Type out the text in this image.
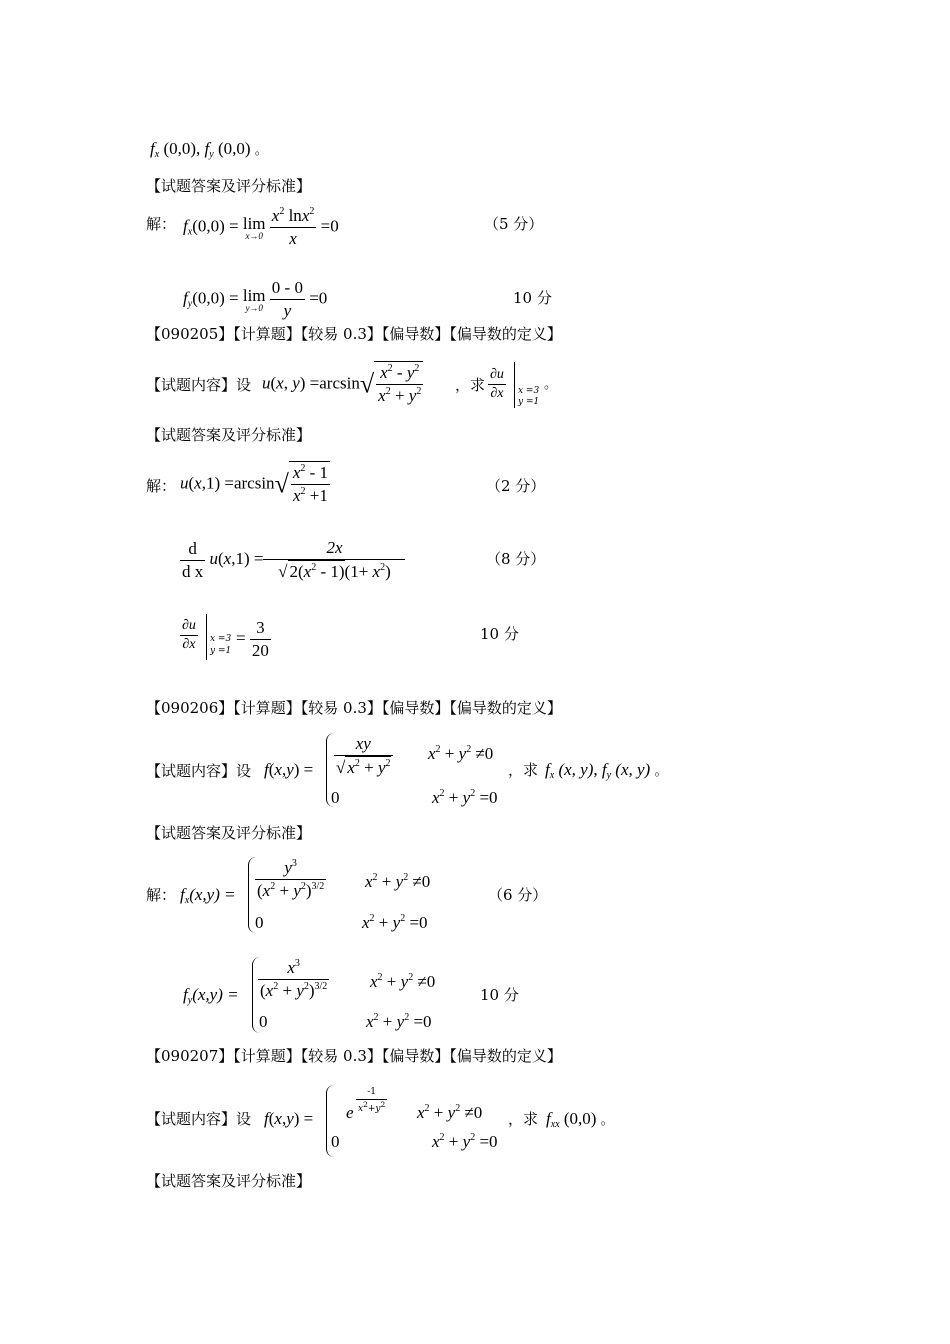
$f_x$ (0,0), $f_y$ (0,0) 。
【试题答案及评分标准】
解： $f_x(0,0) = \lim$
x→0
$\frac{x^2 \ln x^2}{x} =0$	（5 分）
$f_y(0,0) = \lim$
y→0
$\frac{0 - 0}{y} =0$	10 分
【090205】【计算题】【较易 0.3】【偏导数】【偏导数的定义】
【试题内容】设 u(x, $y) =\arcsin√ \frac{x^2 - y^2}{x^2 + y^2}$ ，求 $\frac{\partial u}{\partial x}$ x =3
y =1
。
【试题答案及评分标准】
解： $u(x,1) =\arcsin√ \frac{x^2 - 1}{x^2 +1}$	（2 分）
$\frac{d}{\text{d x}} u(x,1) = \frac{2x}{√ 2(x^2 - 1)(1+ x^2)}$	（8 分）
$\frac{\partial u}{\partial x}$ x =3
y =1
= $\frac{3}{20}$	10 分
【090206】【计算题】【较易 0.3】【偏导数】【偏导数的定义】
【试题内容】设 $f(x,y) = \frac{xy}{√ x^2 + y^2} x^2 + y^2 \ne 0$
0	$x^2 + y^2 =0$
，求 $f_x$ (x, y), $f_y$ (x, y) 。
【试题答案及评分标准】
解： $f_x(x,y) = \frac{y^3}{(x^2 + y^2)^{3/2}} x^2 + y^2 \ne 0$
0	$x^2 + y^2 =0$
（6 分）
$f_y(x,y) = \frac{x^3}{(x^2 + y^2)^{3/2}} x^2 + y^2 \ne 0$
0	$x^2 + y^2 =0$
10 分
【090207】【计算题】【较易 0.3】【偏导数】【偏导数的定义】
【试题内容】设 f(x,y) = e $\frac{-1}{x^2+y^2} x^2 + y^2 \ne 0$
0	$x^2 + y^2 =0$
，求 $f_{xx}$ (0,0) 。
【试题答案及评分标准】
